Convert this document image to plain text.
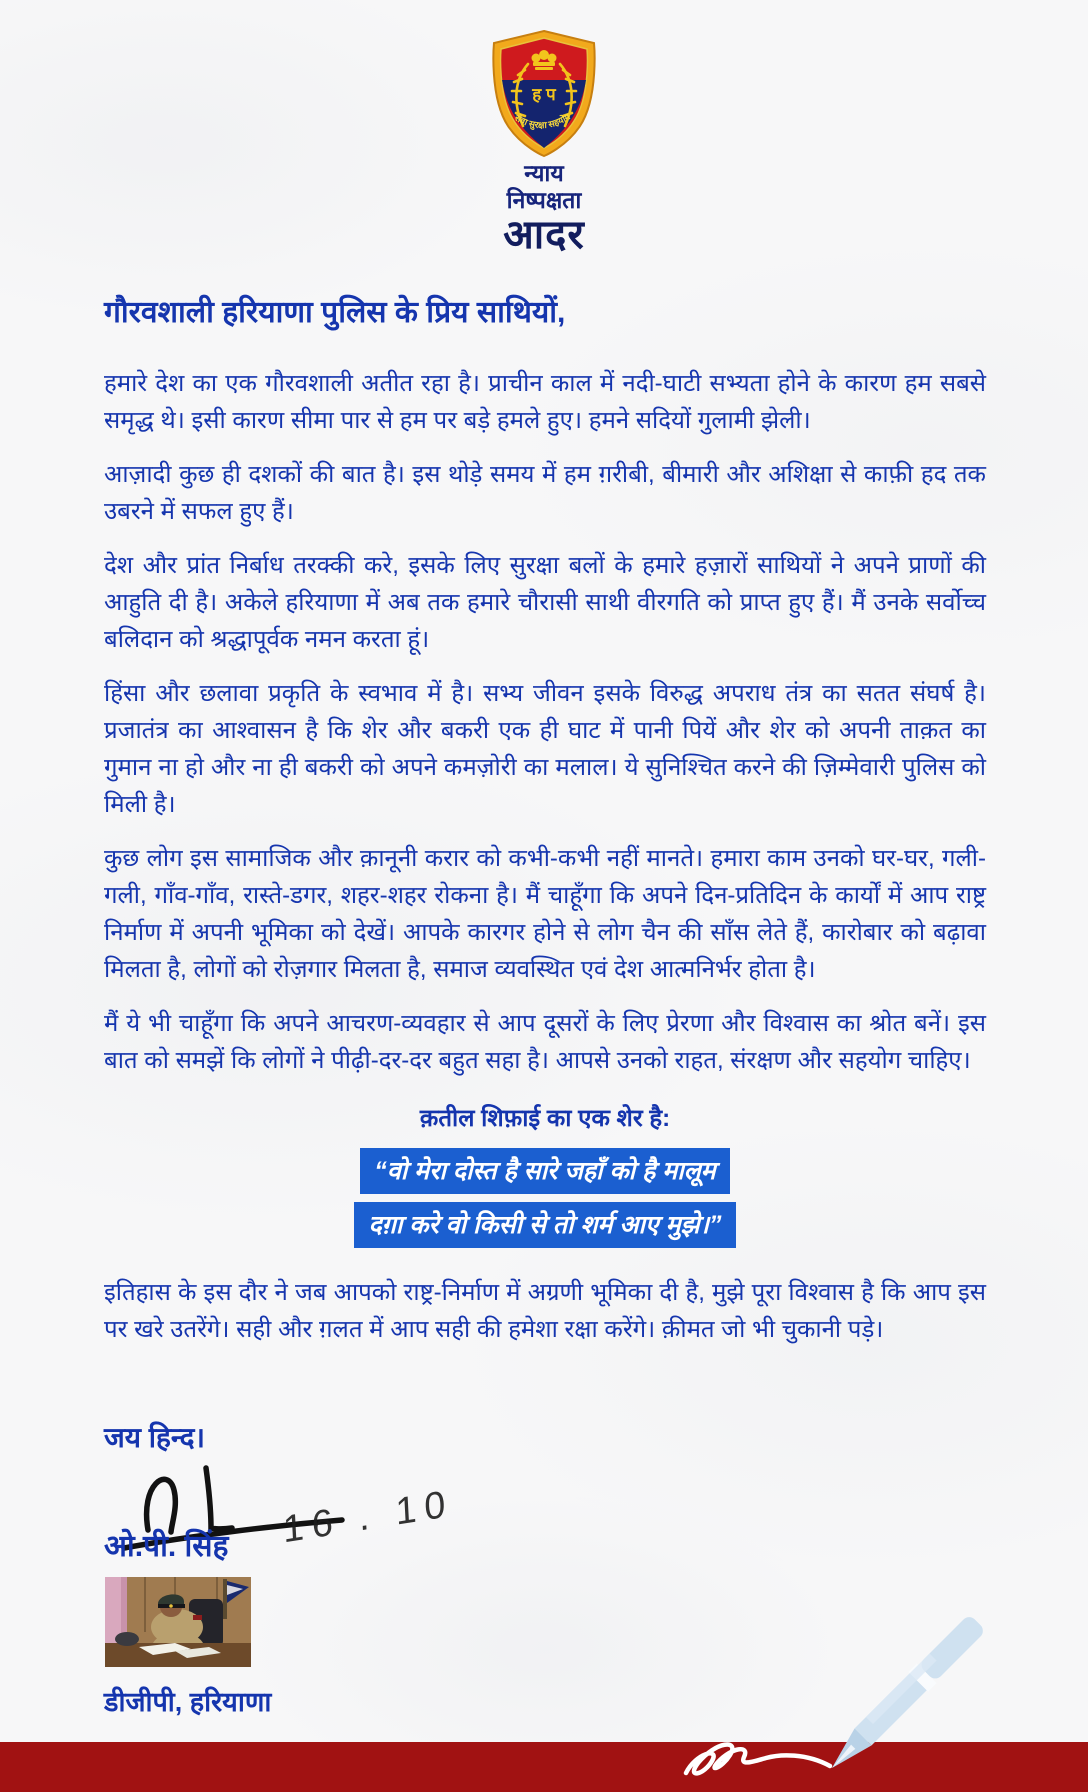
ह प
सेवा सुरक्षा सहयोग
न्याय
निष्पक्षता
आदर
गौरवशाली हरियाणा पुलिस के प्रिय साथियों,

हमारे देश का एक गौरवशाली अतीत रहा है। प्राचीन काल में नदी-घाटी सभ्यता होने के कारण हम सबसे समृद्ध थे। इसी कारण सीमा पार से हम पर बड़े हमले हुए। हमने सदियों गुलामी झेली।

आज़ादी कुछ ही दशकों की बात है। इस थोड़े समय में हम ग़रीबी, बीमारी और अशिक्षा से काफ़ी हद तक उबरने में सफल हुए हैं।

देश और प्रांत निर्बाध तरक्की करे, इसके लिए सुरक्षा बलों के हमारे हज़ारों साथियों ने अपने प्राणों की आहुति दी है। अकेले हरियाणा में अब तक हमारे चौरासी साथी वीरगति को प्राप्त हुए हैं। मैं उनके सर्वोच्च बलिदान को श्रद्धापूर्वक नमन करता हूं।

हिंसा और छलावा प्रकृति के स्वभाव में है। सभ्य जीवन इसके विरुद्ध अपराध तंत्र का सतत संघर्ष है। प्रजातंत्र का आश्वासन है कि शेर और बकरी एक ही घाट में पानी पियें और शेर को अपनी ताक़त का गुमान ना हो और ना ही बकरी को अपने कमज़ोरी का मलाल। ये सुनिश्चित करने की ज़िम्मेवारी पुलिस को मिली है।

कुछ लोग इस सामाजिक और क़ानूनी करार को कभी-कभी नहीं मानते। हमारा काम उनको घर-घर, गली-गली, गाँव-गाँव, रास्ते-डगर, शहर-शहर रोकना है। मैं चाहूँगा कि अपने दिन-प्रतिदिन के कार्यों में आप राष्ट्र निर्माण में अपनी भूमिका को देखें। आपके कारगर होने से लोग चैन की साँस लेते हैं, कारोबार को बढ़ावा मिलता है, लोगों को रोज़गार मिलता है, समाज व्यवस्थित एवं देश आत्मनिर्भर होता है।

मैं ये भी चाहूँगा कि अपने आचरण-व्यवहार से आप दूसरों के लिए प्रेरणा और विश्वास का श्रोत बनें। इस बात को समझें कि लोगों ने पीढ़ी-दर-दर बहुत सहा है। आपसे उनको राहत, संरक्षण और सहयोग चाहिए।

क़तील शिफ़ाई का एक शेर है:
“वो मेरा दोस्त है सारे जहाँ को है मालूम
दग़ा करे वो किसी से तो शर्म आए मुझे।”

इतिहास के इस दौर ने जब आपको राष्ट्र-निर्माण में अग्रणी भूमिका दी है, मुझे पूरा विश्वास है कि आप इस पर खरे उतरेंगे। सही और ग़लत में आप सही की हमेशा रक्षा करेंगे। क़ीमत जो भी चुकानी पड़े।

जय हिन्द।
16 . 10
ओ.पी. सिंह
डीजीपी, हरियाणा
